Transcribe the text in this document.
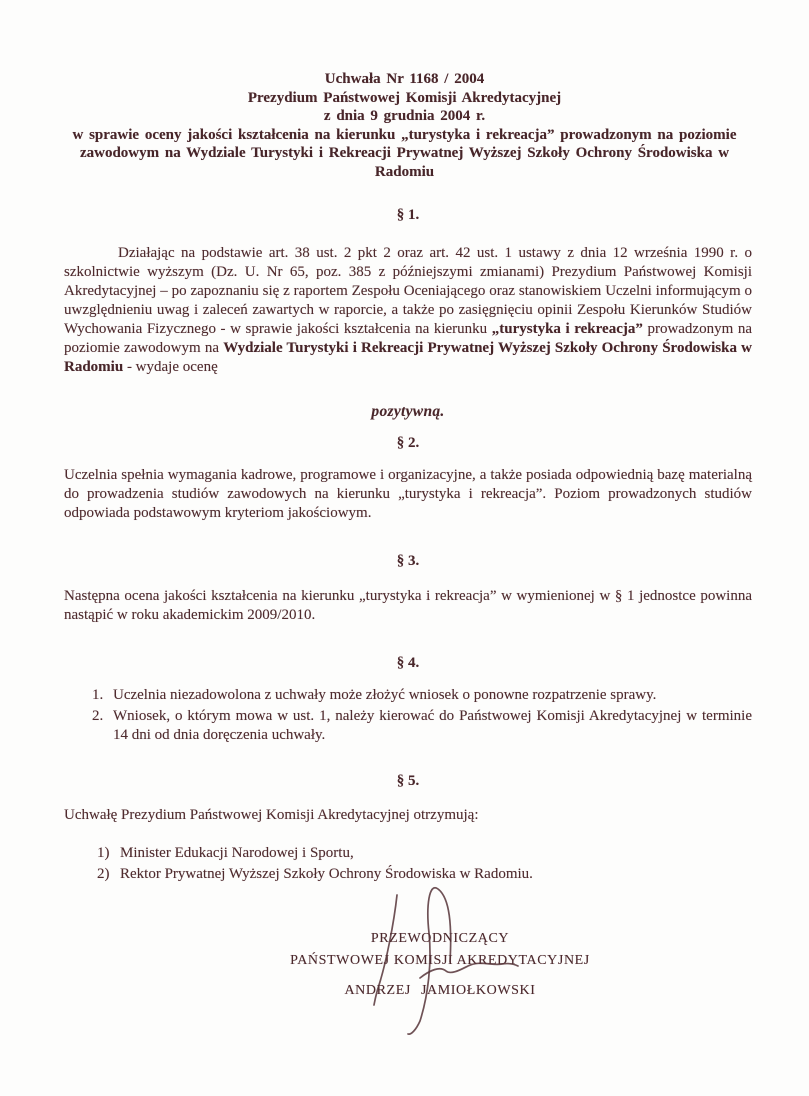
Uchwała Nr 1168 / 2004
Prezydium Państwowej Komisji Akredytacyjnej
z dnia 9 grudnia 2004 r.
w sprawie oceny jakości kształcenia na kierunku „turystyka i rekreacja” prowadzonym na poziomie zawodowym na Wydziale Turystyki i Rekreacji Prywatnej Wyższej Szkoły Ochrony Środowiska w Radomiu
§ 1.

Działając na podstawie art. 38 ust. 2 pkt 2 oraz art. 42 ust. 1 ustawy z dnia 12 września 1990 r. o szkolnictwie wyższym (Dz. U. Nr 65, poz. 385 z późniejszymi zmianami) Prezydium Państwowej Komisji Akredytacyjnej – po zapoznaniu się z raportem Zespołu Oceniającego oraz stanowiskiem Uczelni informującym o uwzględnieniu uwag i zaleceń zawartych w raporcie, a także po zasięgnięciu opinii Zespołu Kierunków Studiów Wychowania Fizycznego - w sprawie jakości kształcenia na kierunku „turystyka i rekreacja” prowadzonym na poziomie zawodowym na Wydziale Turystyki i Rekreacji Prywatnej Wyższej Szkoły Ochrony Środowiska w Radomiu - wydaje ocenę

pozytywną.
§ 2.

Uczelnia spełnia wymagania kadrowe, programowe i organizacyjne, a także posiada odpowiednią bazę materialną do prowadzenia studiów zawodowych na kierunku „turystyka i rekreacja”. Poziom prowadzonych studiów odpowiada podstawowym kryteriom jakościowym.

§ 3.

Następna ocena jakości kształcenia na kierunku „turystyka i rekreacja” w wymienionej w § 1 jednostce powinna nastąpić w roku akademickim 2009/2010.

§ 4.
1. Uczelnia niezadowolona z uchwały może złożyć wniosek o ponowne rozpatrzenie sprawy.
2. Wniosek, o którym mowa w ust. 1, należy kierować do Państwowej Komisji Akredytacyjnej w terminie 14 dni od dnia doręczenia uchwały.
§ 5.

Uchwałę Prezydium Państwowej Komisji Akredytacyjnej otrzymują:

1) Minister Edukacji Narodowej i Sportu,
2) Rektor Prywatnej Wyższej Szkoły Ochrony Środowiska w Radomiu.
PRZEWODNICZĄCY
PAŃSTWOWEJ KOMISJI AKREDYTACYJNEJ
ANDRZEJ JAMIOŁKOWSKI
